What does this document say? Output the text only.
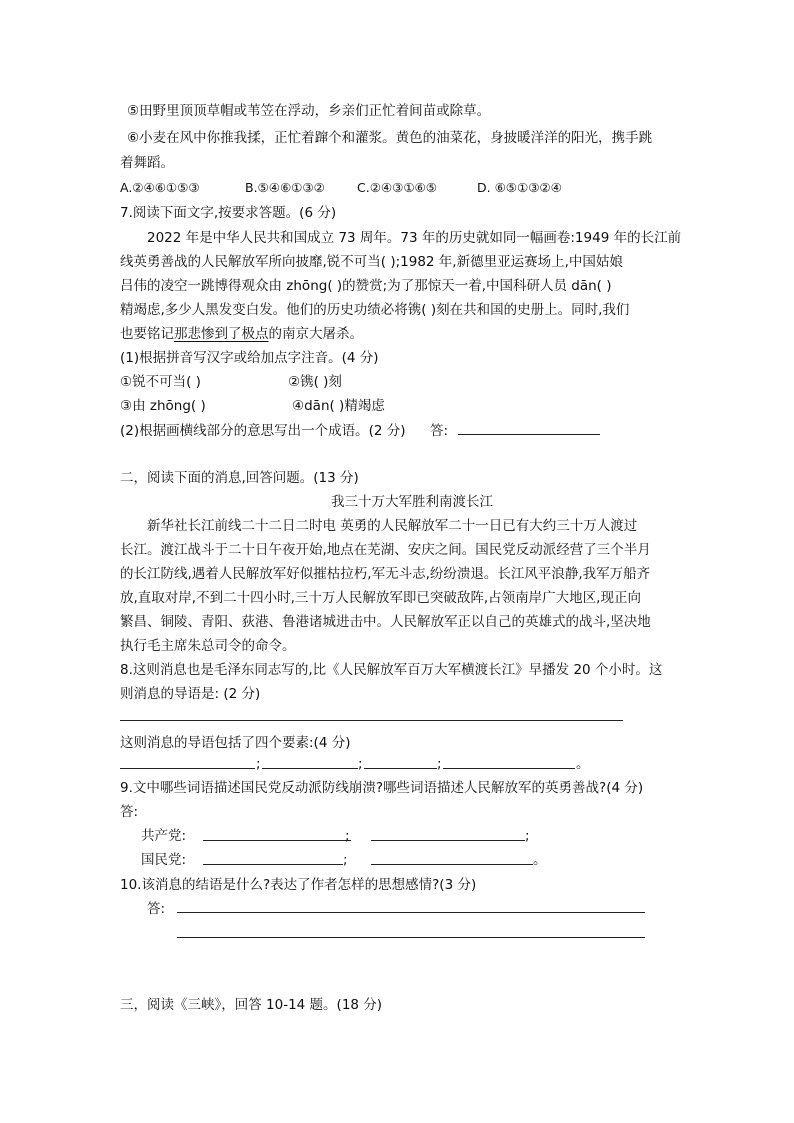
⑤田野里顶顶草帽或苇笠在浮动，乡亲们正忙着间苗或除草。
⑥小麦在风中你推我揉，正忙着蹿个和灌浆。黄色的油菜花，身披暖洋洋的阳光，携手跳
着舞蹈。
A.②④⑥①⑤③	B.⑤④⑥①③②	C.②④③①⑥⑤	D. ⑥⑤①③②④
7.阅读下面文字,按要求答题。(6 分)
2022 年是中华人民共和国成立 73 周年。73 年的历史就如同一幅画卷:1949 年的长江前
线英勇善战的人民解放军所向披靡,锐不可当( );1982 年,新德里亚运赛场上,中国姑娘
吕伟的凌空一跳博得观众由 zhōng( )的赞赏;为了那惊天一着,中国科研人员 dān( )
精竭虑,多少人黑发变白发。他们的历史功绩必将镌( )刻在共和国的史册上。同时,我们
也要铭记那悲惨到了极点的南京大屠杀。
(1)根据拼音写汉字或给加点字注音。(4 分)
①锐不可当( )	②镌( )刻
③由 zhōng( )	④dān( )精竭虑
(2)根据画横线部分的意思写出一个成语。(2 分) 答:
二，阅读下面的消息,回答问题。(13 分)
我三十万大军胜利南渡长江
新华社长江前线二十二日二时电 英勇的人民解放军二十一日已有大约三十万人渡过
长江。渡江战斗于二十日午夜开始,地点在芜湖、安庆之间。国民党反动派经营了三个半月
的长江防线,遇着人民解放军好似摧枯拉朽,军无斗志,纷纷溃退。长江风平浪静,我军万船齐
放,直取对岸,不到二十四小时,三十万人民解放军即已突破敌阵,占领南岸广大地区,现正向
繁昌、铜陵、青阳、荻港、鲁港诸城进击中。人民解放军正以自己的英雄式的战斗,坚决地
执行毛主席朱总司令的命令。
8.这则消息也是毛泽东同志写的,比《人民解放军百万大军横渡长江》早播发 20 个小时。这
则消息的导语是: (2 分)
这则消息的导语包括了四个要素:(4 分)
;	;	;	。
9.文中哪些词语描述国民党反动派防线崩溃?哪些词语描述人民解放军的英勇善战?(4 分)
答:
共产党:	;	;
国民党:	;	。
10.该消息的结语是什么?表达了作者怎样的思想感情?(3 分)
答:
三，阅读《三峡》，回答 10-14 题。(18 分)
